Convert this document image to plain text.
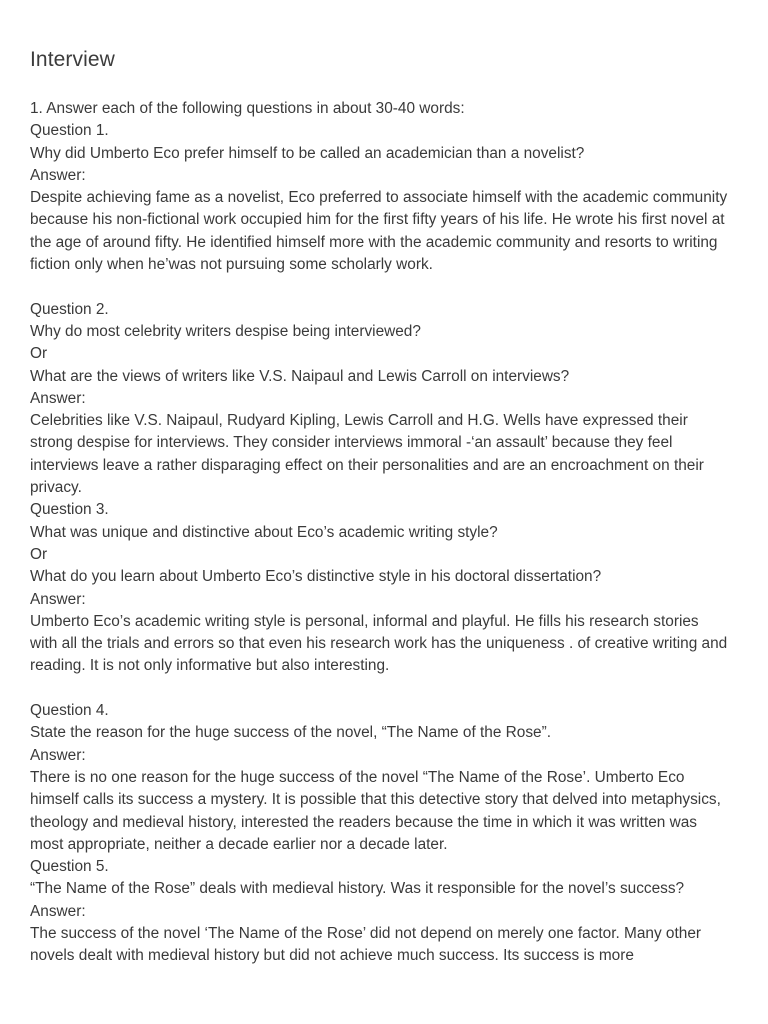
Interview
1. Answer each of the following questions in about 30-40 words:
Question 1.
Why did Umberto Eco prefer himself to be called an academician than a novelist?
Answer:
Despite achieving fame as a novelist, Eco preferred to associate himself with the academic community because his non-fictional work occupied him for the first fifty years of his life. He wrote his first novel at the age of around fifty. He identified himself more with the academic community and resorts to writing fiction only when he’was not pursuing some scholarly work.
Question 2.
Why do most celebrity writers despise being interviewed?
Or
What are the views of writers like V.S. Naipaul and Lewis Carroll on interviews?
Answer:
Celebrities like V.S. Naipaul, Rudyard Kipling, Lewis Carroll and H.G. Wells have expressed their strong despise for interviews. They consider interviews immoral -‘an assault’ because they feel interviews leave a rather disparaging effect on their personalities and are an encroachment on their privacy.
Question 3.
What was unique and distinctive about Eco’s academic writing style?
Or
What do you learn about Umberto Eco’s distinctive style in his doctoral dissertation?
Answer:
Umberto Eco’s academic writing style is personal, informal and playful. He fills his research stories with all the trials and errors so that even his research work has the uniqueness . of creative writing and reading. It is not only informative but also interesting.
Question 4.
State the reason for the huge success of the novel, “The Name of the Rose”.
Answer:
There is no one reason for the huge success of the novel “The Name of the Rose’. Umberto Eco himself calls its success a mystery. It is possible that this detective story that delved into metaphysics, theology and medieval history, interested the readers because the time in which it was written was most appropriate, neither a decade earlier nor a decade later.
Question 5.
“The Name of the Rose” deals with medieval history. Was it responsible for the novel’s success?
Answer:
The success of the novel ‘The Name of the Rose’ did not depend on merely one factor. Many other novels dealt with medieval history but did not achieve much success. Its success is more
